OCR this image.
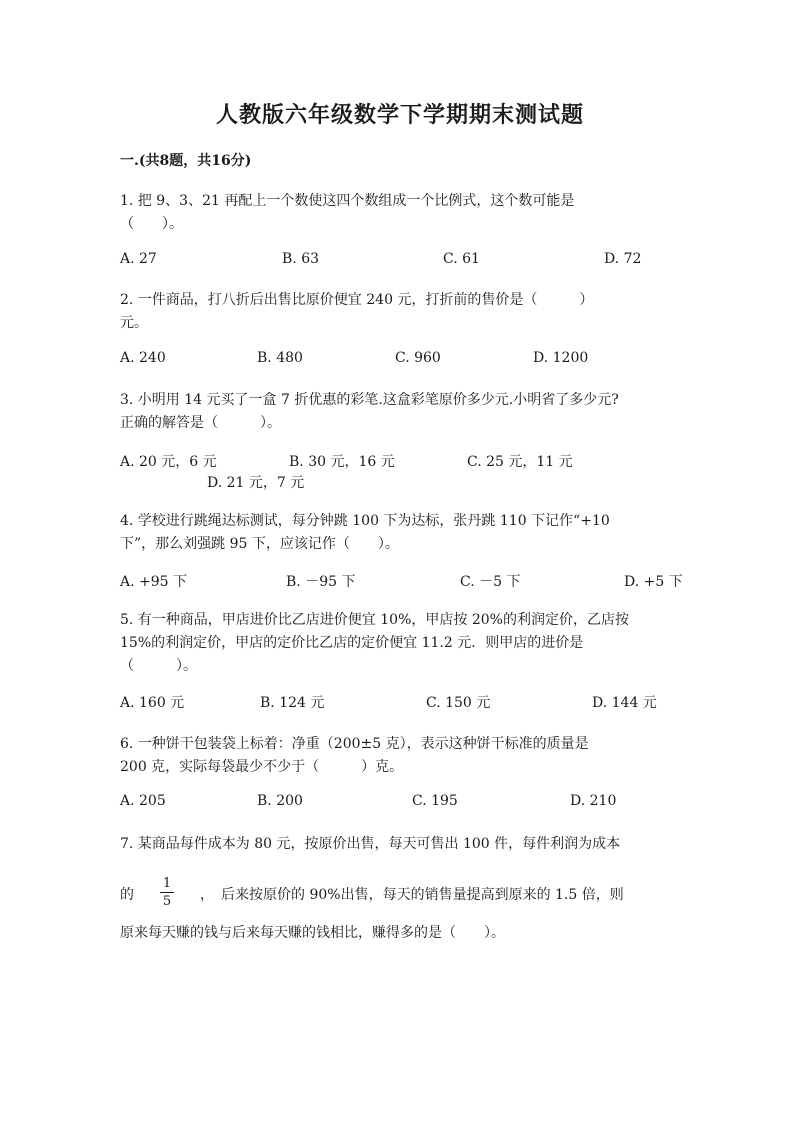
人教版六年级数学下学期期末测试题
一.(共8题，共16分)
1. 把 9、3、21 再配上一个数使这四个数组成一个比例式，这个数可能是
（　　）。
A. 27	B. 63	C. 61	D. 72
2. 一件商品，打八折后出售比原价便宜 240 元，打折前的售价是（　　　）
元。
A. 240	B. 480	C. 960	D. 1200
3. 小明用 14 元买了一盒 7 折优惠的彩笔.这盒彩笔原价多少元.小明省了多少元?
正确的解答是（　　　）。
A. 20 元，6 元	B. 30 元，16 元	C. 25 元，11 元
D. 21 元，7 元
4. 学校进行跳绳达标测试，每分钟跳 100 下为达标，张丹跳 110 下记作“+10
下”，那么刘强跳 95 下，应该记作（　　）。
A. +95 下	B. －95 下	C. －5 下	D. +5 下
5. 有一种商品，甲店进价比乙店进价便宜 10%，甲店按 20%的利润定价，乙店按
15%的利润定价，甲店的定价比乙店的定价便宜 11.2 元．则甲店的进价是
（　　　）。
A. 160 元	B. 124 元	C. 150 元	D. 144 元
6. 一种饼干包装袋上标着：净重（200±5 克），表示这种饼干标准的质量是
200 克，实际每袋最少不少于（　　　）克。
A. 205	B. 200	C. 195	D. 210
7. 某商品每件成本为 80 元，按原价出售，每天可售出 100 件，每件利润为成本
的
1
5 ，　后来按原价的 90%出售，每天的销售量提高到原来的 1.5 倍，则
原来每天赚的钱与后来每天赚的钱相比，赚得多的是（　　）。
